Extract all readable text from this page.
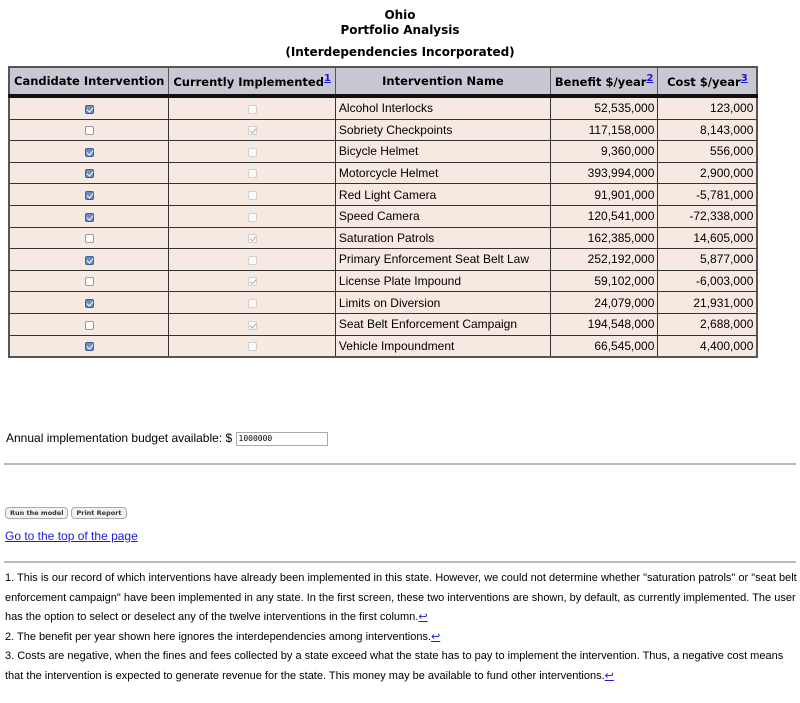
Ohio
Portfolio Analysis
(Interdependencies Incorporated)
Candidate Intervention	Currently Implemented$^1$	Intervention Name	Benefit $/year$^2$	Cost $/year$^3$
		Alcohol Interlocks	52,535,000	123,000
		Sobriety Checkpoints	117,158,000	8,143,000
		Bicycle Helmet	9,360,000	556,000
		Motorcycle Helmet	393,994,000	2,900,000
		Red Light Camera	91,901,000	-5,781,000
		Speed Camera	120,541,000	-72,338,000
		Saturation Patrols	162,385,000	14,605,000
		Primary Enforcement Seat Belt Law	252,192,000	5,877,000
		License Plate Impound	59,102,000	-6,003,000
		Limits on Diversion	24,079,000	21,931,000
		Seat Belt Enforcement Campaign	194,548,000	2,688,000
		Vehicle Impoundment	66,545,000	4,400,000
Annual implementation budget available: $ 1000000
Run the model Print Report
Go to the top of the page

1. This is our record of which interventions have already been implemented in this state. However, we could not determine whether "saturation patrols" or "seat belt enforcement campaign" have been implemented in any state. In the first screen, these two interventions are shown, by default, as currently implemented. The user has the option to select or deselect any of the twelve interventions in the first column.↩

2. The benefit per year shown here ignores the interdependencies among interventions.↩

3. Costs are negative, when the fines and fees collected by a state exceed what the state has to pay to implement the intervention. Thus, a negative cost means that the intervention is expected to generate revenue for the state. This money may be available to fund other interventions.↩
